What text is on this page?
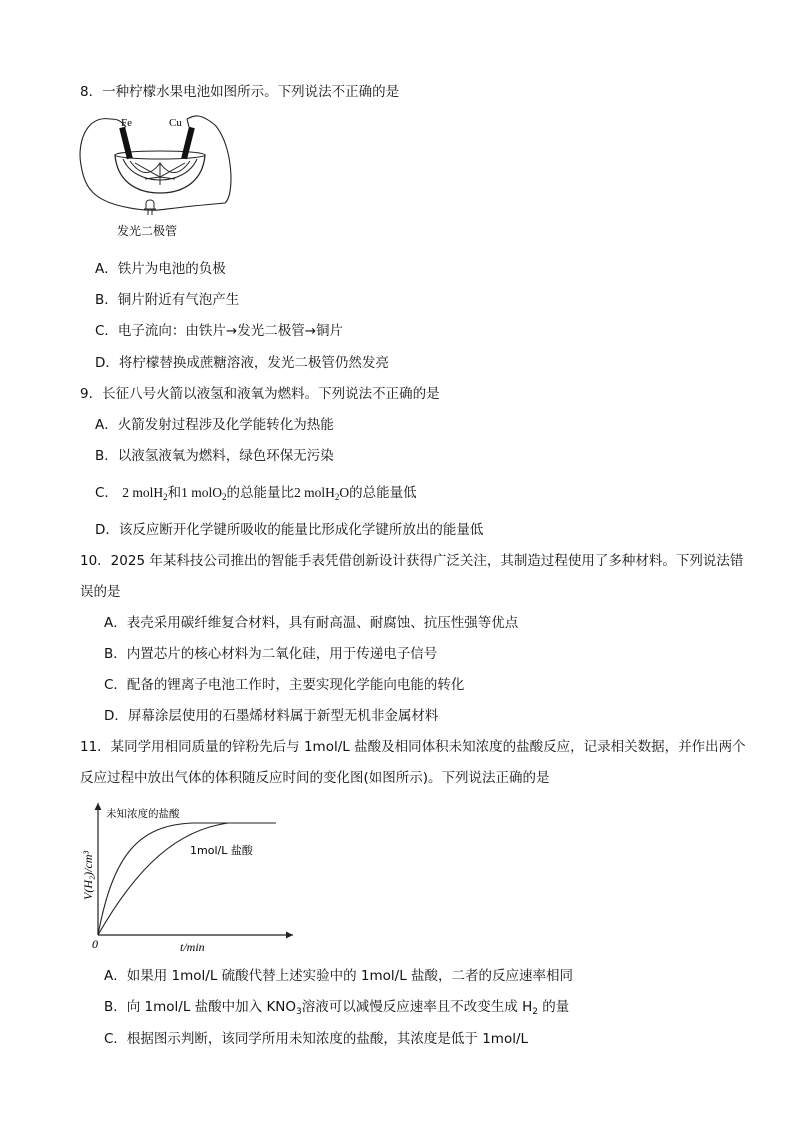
8．一种柠檬水果电池如图所示。下列说法不正确的是
Fe	Cu
发光二极管
A．铁片为电池的负极
B．铜片附近有气泡产生
C．电子流向：由铁片→发光二极管→铜片
D．将柠檬替换成蔗糖溶液，发光二极管仍然发亮
9．长征八号火箭以液氢和液氧为燃料。下列说法不正确的是
A．火箭发射过程涉及化学能转化为热能
B．以液氢液氧为燃料，绿色环保无污染
C． 2 molH$_2$和1 molO$_2$的总能量比2 molH$_2$O的总能量低
D．该反应断开化学键所吸收的能量比形成化学键所放出的能量低
10．2025 年某科技公司推出的智能手表凭借创新设计获得广泛关注，其制造过程使用了多种材料。下列说法错
误的是
A．表壳采用碳纤维复合材料，具有耐高温、耐腐蚀、抗压性强等优点
B．内置芯片的核心材料为二氧化硅，用于传递电子信号
C．配备的锂离子电池工作时，主要实现化学能向电能的转化
D．屏幕涂层使用的石墨烯材料属于新型无机非金属材料
11．某同学用相同质量的锌粉先后与 1mol/L 盐酸及相同体积未知浓度的盐酸反应，记录相关数据，并作出两个
反应过程中放出气体的体积随反应时间的变化图(如图所示)。下列说法正确的是
未知浓度的盐酸
1mol/L 盐酸
V(H₂)/cm³
t/min
0
A．如果用 1mol/L 硫酸代替上述实验中的 1mol/L 盐酸，二者的反应速率相同
B．向 1mol/L 盐酸中加入 $KNO_3$溶液可以减慢反应速率且不改变生成 $H_2$ 的量
C．根据图示判断，该同学所用未知浓度的盐酸，其浓度是低于 1mol/L
